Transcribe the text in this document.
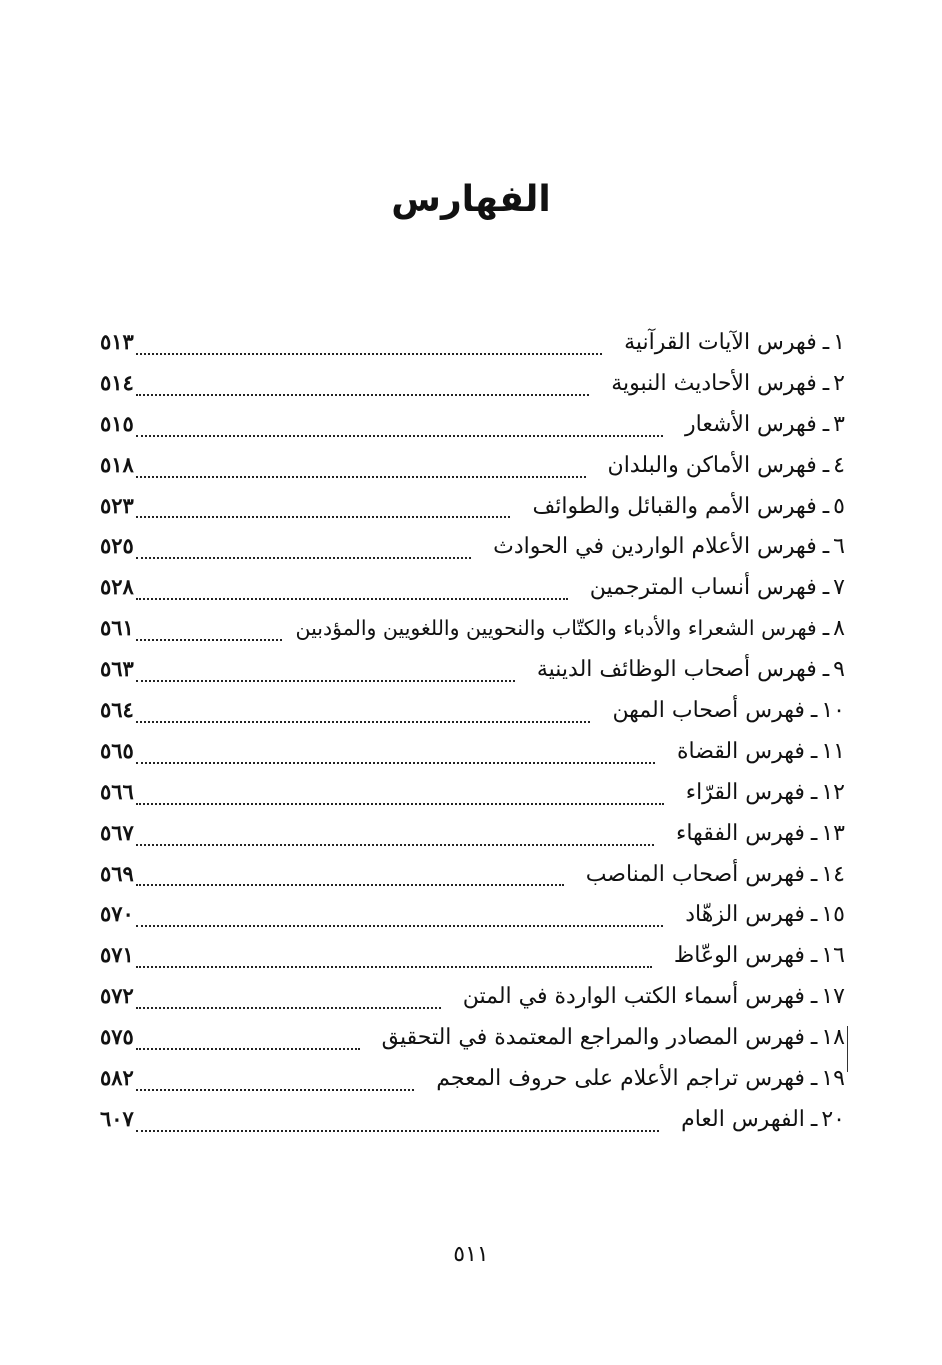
الفهارس
١
ـ
فهرس الآيات القرآنية
٥١٣
٢
ـ
فهرس الأحاديث النبوية
٥١٤
٣
ـ
فهرس الأشعار
٥١٥
٤
ـ
فهرس الأماكن والبلدان
٥١٨
٥
ـ
فهرس الأمم والقبائل والطوائف
٥٢٣
٦
ـ
فهرس الأعلام الواردين في الحوادث
٥٢٥
٧
ـ
فهرس أنساب المترجمين
٥٢٨
٨
ـ
فهرس الشعراء والأدباء والكتّاب والنحويين واللغويين والمؤدبين
٥٦١
٩
ـ
فهرس أصحاب الوظائف الدينية
٥٦٣
١٠
ـ
فهرس أصحاب المهن
٥٦٤
١١
ـ
فهرس القضاة
٥٦٥
١٢
ـ
فهرس القرّاء
٥٦٦
١٣
ـ
فهرس الفقهاء
٥٦٧
١٤
ـ
فهرس أصحاب المناصب
٥٦٩
١٥
ـ
فهرس الزهّاد
٥٧٠
١٦
ـ
فهرس الوعّاظ
٥٧١
١٧
ـ
فهرس أسماء الكتب الواردة في المتن
٥٧٢
١٨
ـ
فهرس المصادر والمراجع المعتمدة في التحقيق
٥٧٥
١٩
ـ
فهرس تراجم الأعلام على حروف المعجم
٥٨٢
٢٠
ـ
الفهرس العام
٦٠٧
٥١١
